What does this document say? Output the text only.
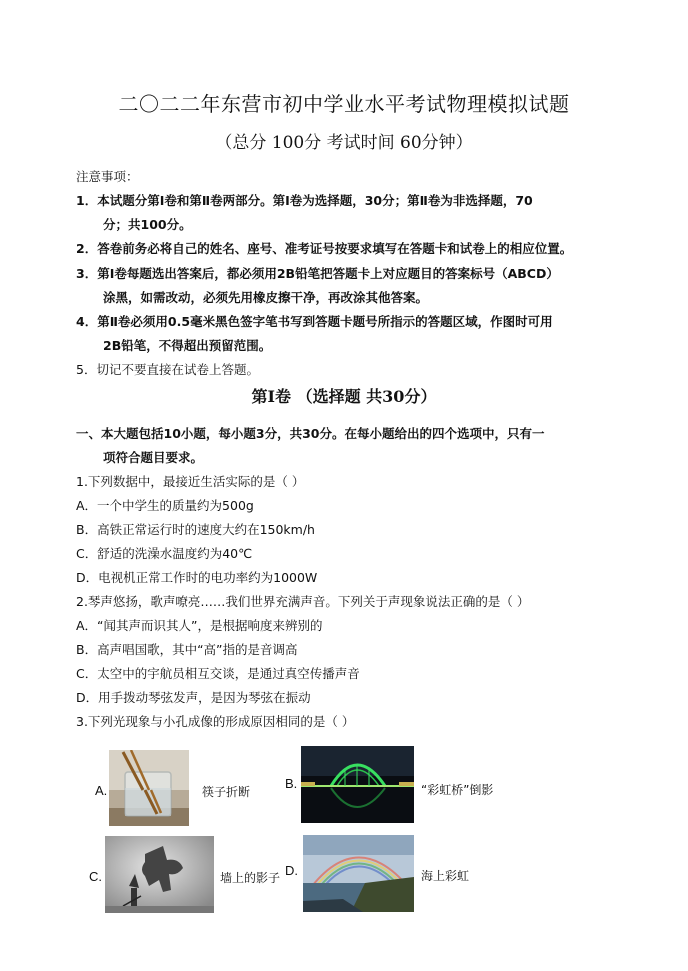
二〇二二年东营市初中学业水平考试物理模拟试题
（总分 100分 考试时间 60分钟）
注意事项：
1．本试题分第Ⅰ卷和第Ⅱ卷两部分。第Ⅰ卷为选择题，30分；第Ⅱ卷为非选择题，70
分；共100分。
2．答卷前务必将自己的姓名、座号、准考证号按要求填写在答题卡和试卷上的相应位置。
3．第Ⅰ卷每题选出答案后，都必须用2B铅笔把答题卡上对应题目的答案标号（ABCD）
涂黑，如需改动，必须先用橡皮擦干净，再改涂其他答案。
4．第Ⅱ卷必须用0.5毫米黑色签字笔书写到答题卡题号所指示的答题区域，作图时可用
2B铅笔，不得超出预留范围。
5．切记不要直接在试卷上答题。
第Ⅰ卷 （选择题 共30分）
一、本大题包括10小题，每小题3分，共30分。在每小题给出的四个选项中，只有一
项符合题目要求。
1.下列数据中，最接近生活实际的是（ ）
A．一个中学生的质量约为500g
B．高铁正常运行时的速度大约在150km/h
C．舒适的洗澡水温度约为40℃
D．电视机正常工作时的电功率约为1000W
2.琴声悠扬，歌声嘹亮……我们世界充满声音。下列关于声现象说法正确的是（ ）
A．“闻其声而识其人”，是根据响度来辨别的
B．高声唱国歌，其中“高”指的是音调高
C．太空中的宇航员相互交谈，是通过真空传播声音
D．用手拨动琴弦发声，是因为琴弦在振动
3.下列光现象与小孔成像的形成原因相同的是（ ）
A.	筷子折断
B.	“彩虹桥”倒影
C.	墙上的影子 D.	海上彩虹
